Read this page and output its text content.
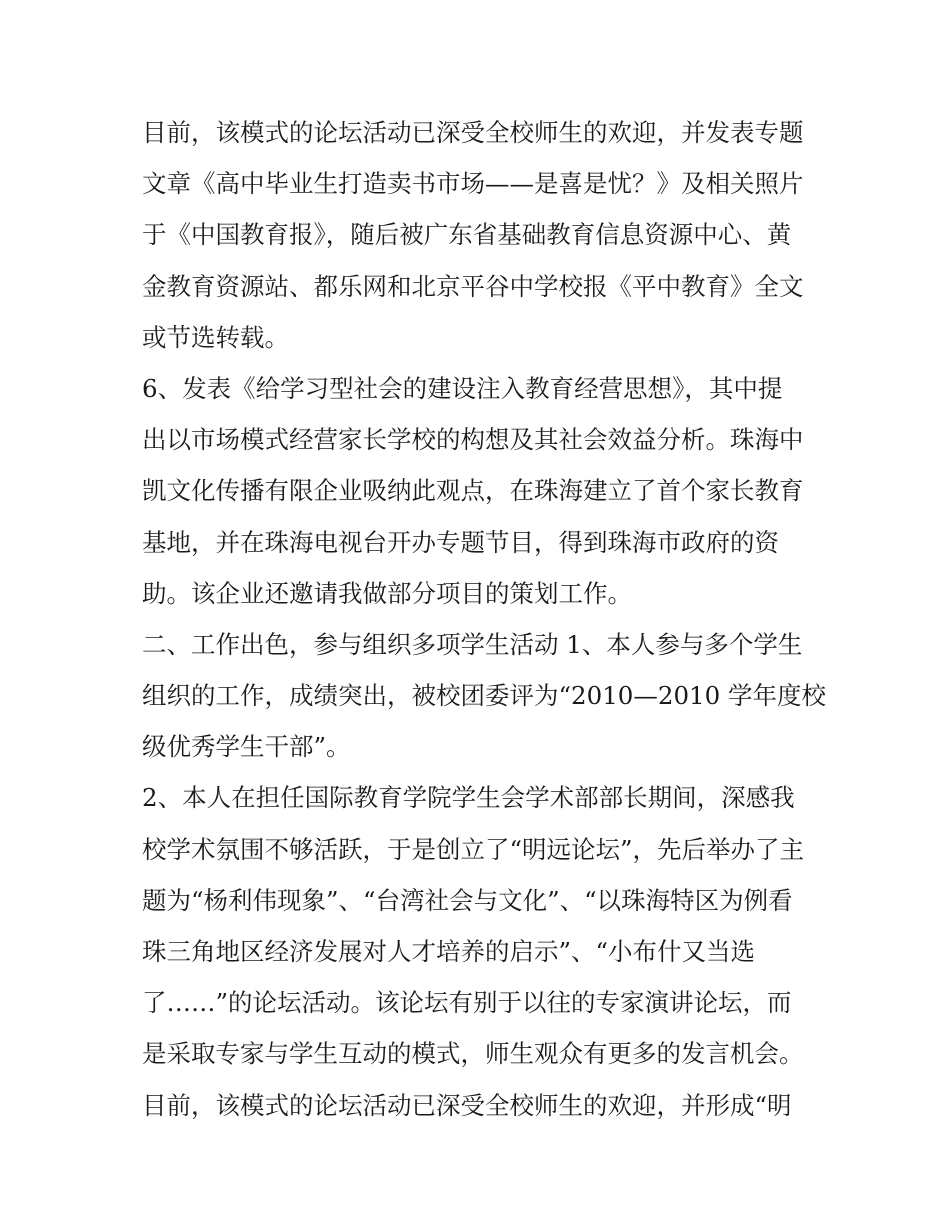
目前，该模式的论坛活动已深受全校师生的欢迎，并发表专题
文章《高中毕业生打造卖书市场——是喜是忧？》及相关照片
于《中国教育报》，随后被广东省基础教育信息资源中心、黄
金教育资源站、都乐网和北京平谷中学校报《平中教育》全文
或节选转载。
6、发表《给学习型社会的建设注入教育经营思想》，其中提
出以市场模式经营家长学校的构想及其社会效益分析。珠海中
凯文化传播有限企业吸纳此观点，在珠海建立了首个家长教育
基地，并在珠海电视台开办专题节目，得到珠海市政府的资
助。该企业还邀请我做部分项目的策划工作。
二、工作出色，参与组织多项学生活动 1、本人参与多个学生
组织的工作，成绩突出，被校团委评为“2010—2010 学年度校
级优秀学生干部”。
2、本人在担任国际教育学院学生会学术部部长期间，深感我
校学术氛围不够活跃，于是创立了“明远论坛”，先后举办了主
题为“杨利伟现象”、“台湾社会与文化”、“以珠海特区为例看
珠三角地区经济发展对人才培养的启示”、“小布什又当选
了……”的论坛活动。该论坛有别于以往的专家演讲论坛，而
是采取专家与学生互动的模式，师生观众有更多的发言机会。
目前，该模式的论坛活动已深受全校师生的欢迎，并形成“明
